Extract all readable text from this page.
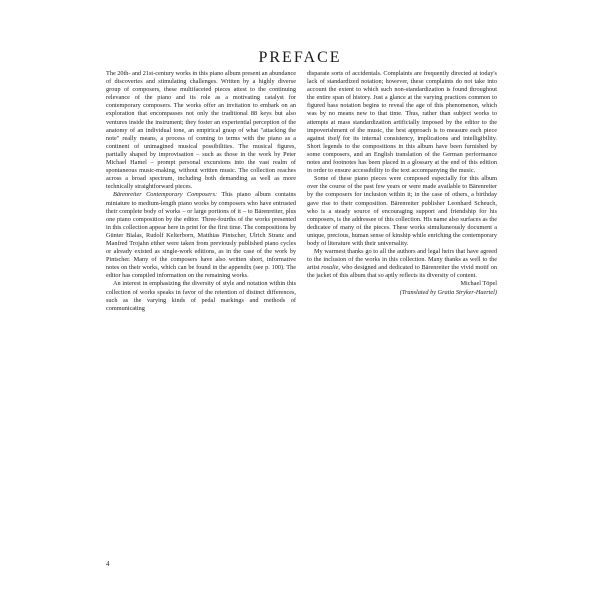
PREFACE

The 20th- and 21st-century works in this piano album present an abundance of discoveries and stimulating challenges. Written by a highly diverse group of composers, these multifaceted pieces attest to the continuing relevance of the piano and its role as a motivating catalyst for contemporary composers. The works offer an invitation to embark on an exploration that encompasses not only the traditional 88 keys but also ventures inside the instrument; they foster an experiential perception of the anatomy of an individual tone, an empirical grasp of what "attacking the note" really means, a process of coming to terms with the piano as a continent of unimagined musical possibilities. The musical figures, partially shaped by improvisation – such as those in the work by Peter Michael Hamel – prompt personal excursions into the vast realm of spontaneous music-making, without written music. The collection reaches across a broad spectrum, including both demanding as well as more technically straightforward pieces.

Bärenreiter Contemporary Composers: This piano album contains miniature to medium-length piano works by composers who have entrusted their complete body of works – or large portions of it – to Bärenreiter, plus one piano composition by the editor. Three-fourths of the works presented in this collection appear here in print for the first time. The compositions by Günter Bialas, Rudolf Kelterborn, Matthias Pintscher, Ulrich Stranz and Manfred Trojahn either were taken from previously published piano cycles or already existed as single-work editions, as in the case of the work by Pintscher. Many of the composers have also written short, informative notes on their works, which can be found in the appendix (see p. 100). The editor has compiled information on the remaining works.

An interest in emphasizing the diversity of style and notation within this collection of works speaks in favor of the retention of distinct differences, such as the varying kinds of pedal markings and methods of communicating

disparate sorts of accidentals. Complaints are frequently directed at today's lack of standardized notation; however, these complaints do not take into account the extent to which such non-standardization is found throughout the entire span of history. Just a glance at the varying practices common to figured bass notation begins to reveal the age of this phenomenon, which was by no means new to that time. Thus, rather than subject works to attempts at mass standardization artificially imposed by the editor to the impoverishment of the music, the best approach is to measure each piece against itself for its internal consistency, implications and intelligibility. Short legends to the compositions in this album have been furnished by some composers, and an English translation of the German performance notes and footnotes has been placed in a glossary at the end of this edition in order to ensure accessibility to the text accompanying the music.

Some of these piano pieces were composed especially for this album over the course of the past few years or were made available to Bärenreiter by the composers for inclusion within it; in the case of others, a birthday gave rise to their composition. Bärenreiter publisher Leonhard Scheuch, who is a steady source of encouraging support and friendship for his composers, is the addressee of this collection. His name also surfaces as the dedicatee of many of the pieces. These works simultaneously document a unique, precious, human sense of kinship while enriching the contemporary body of literature with their universality.

My warmest thanks go to all the authors and legal heirs that have agreed to the inclusion of the works in this collection. Many thanks as well to the artist rosalie, who designed and dedicated to Bärenreiter the vivid motif on the jacket of this album that so aptly reflects its diversity of content.

Michael Töpel

(Translated by Gratia Stryker-Haertel)

4
